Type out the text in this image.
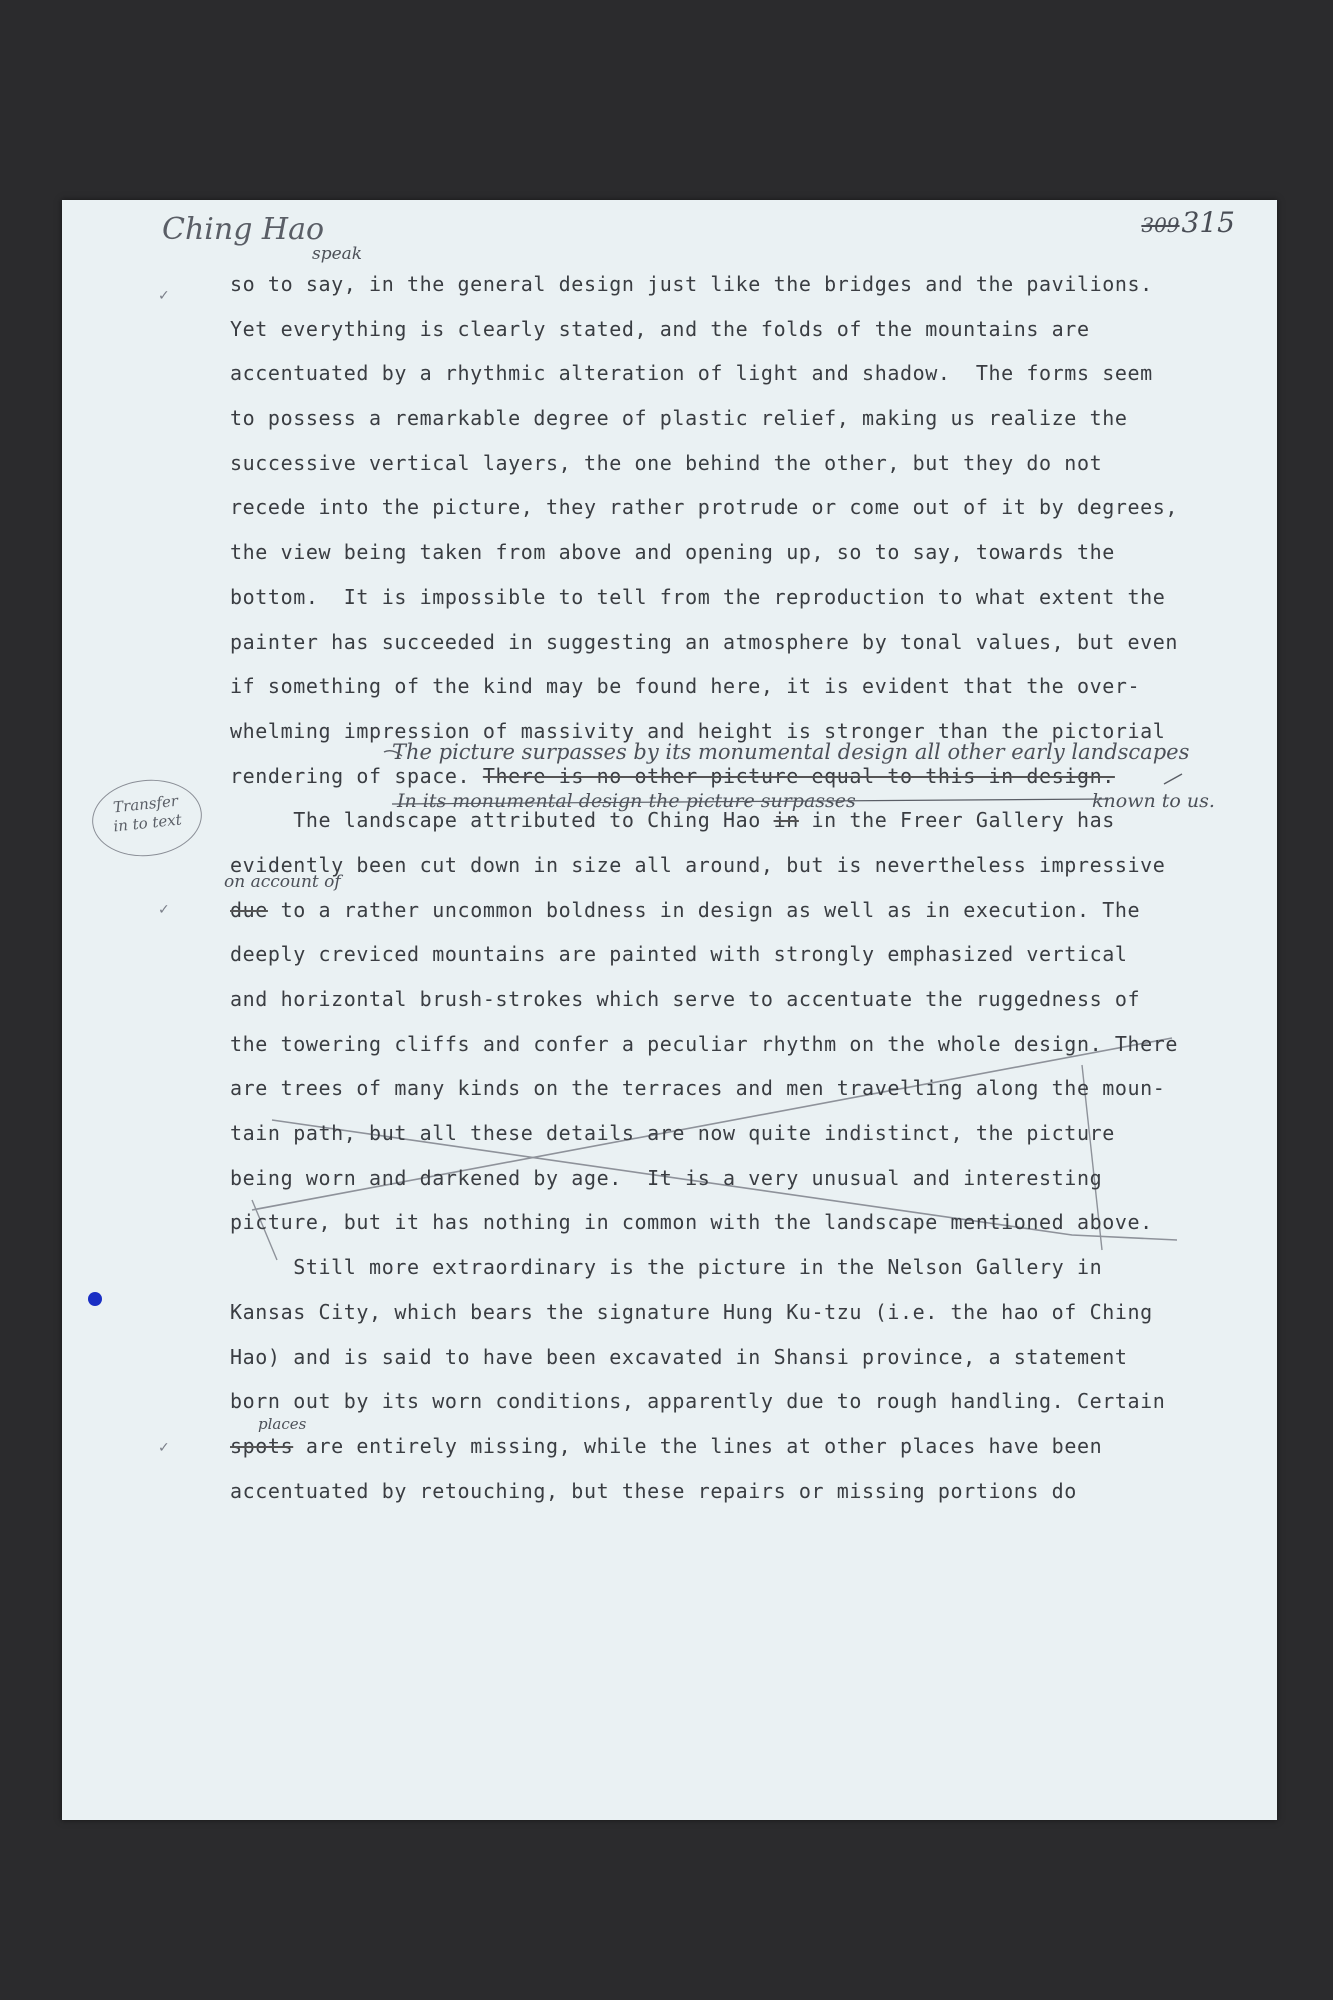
Ching Hao	309315
speak
The picture surpasses by its monumental design all other early landscapes
In its monumental design the picture surpasses	known to us.
on account of
places
✓
✓
✓
Transfer
in to text
so to say, in the general design just like the bridges and the pavilions.
Yet everything is clearly stated, and the folds of the mountains are
accentuated by a rhythmic alteration of light and shadow.  The forms seem
to possess a remarkable degree of plastic relief, making us realize the
successive vertical layers, the one behind the other, but they do not
recede into the picture, they rather protrude or come out of it by degrees,
the view being taken from above and opening up, so to say, towards the
bottom.  It is impossible to tell from the reproduction to what extent the
painter has succeeded in suggesting an atmosphere by tonal values, but even
if something of the kind may be found here, it is evident that the over-
whelming impression of massivity and height is stronger than the pictorial
rendering of space. There is no other picture equal to this in design.
The landscape attributed to Ching Hao in in the Freer Gallery has
evidently been cut down in size all around, but is nevertheless impressive
due to a rather uncommon boldness in design as well as in execution. The
deeply creviced mountains are painted with strongly emphasized vertical
and horizontal brush-strokes which serve to accentuate the ruggedness of
the towering cliffs and confer a peculiar rhythm on the whole design. There
are trees of many kinds on the terraces and men travelling along the moun-
tain path, but all these details are now quite indistinct, the picture
being worn and darkened by age.  It is a very unusual and interesting
picture, but it has nothing in common with the landscape mentioned above.
Still more extraordinary is the picture in the Nelson Gallery in
Kansas City, which bears the signature Hung Ku-tzu (i.e. the hao of Ching
Hao) and is said to have been excavated in Shansi province, a statement
born out by its worn conditions, apparently due to rough handling. Certain
spots are entirely missing, while the lines at other places have been
accentuated by retouching, but these repairs or missing portions do
